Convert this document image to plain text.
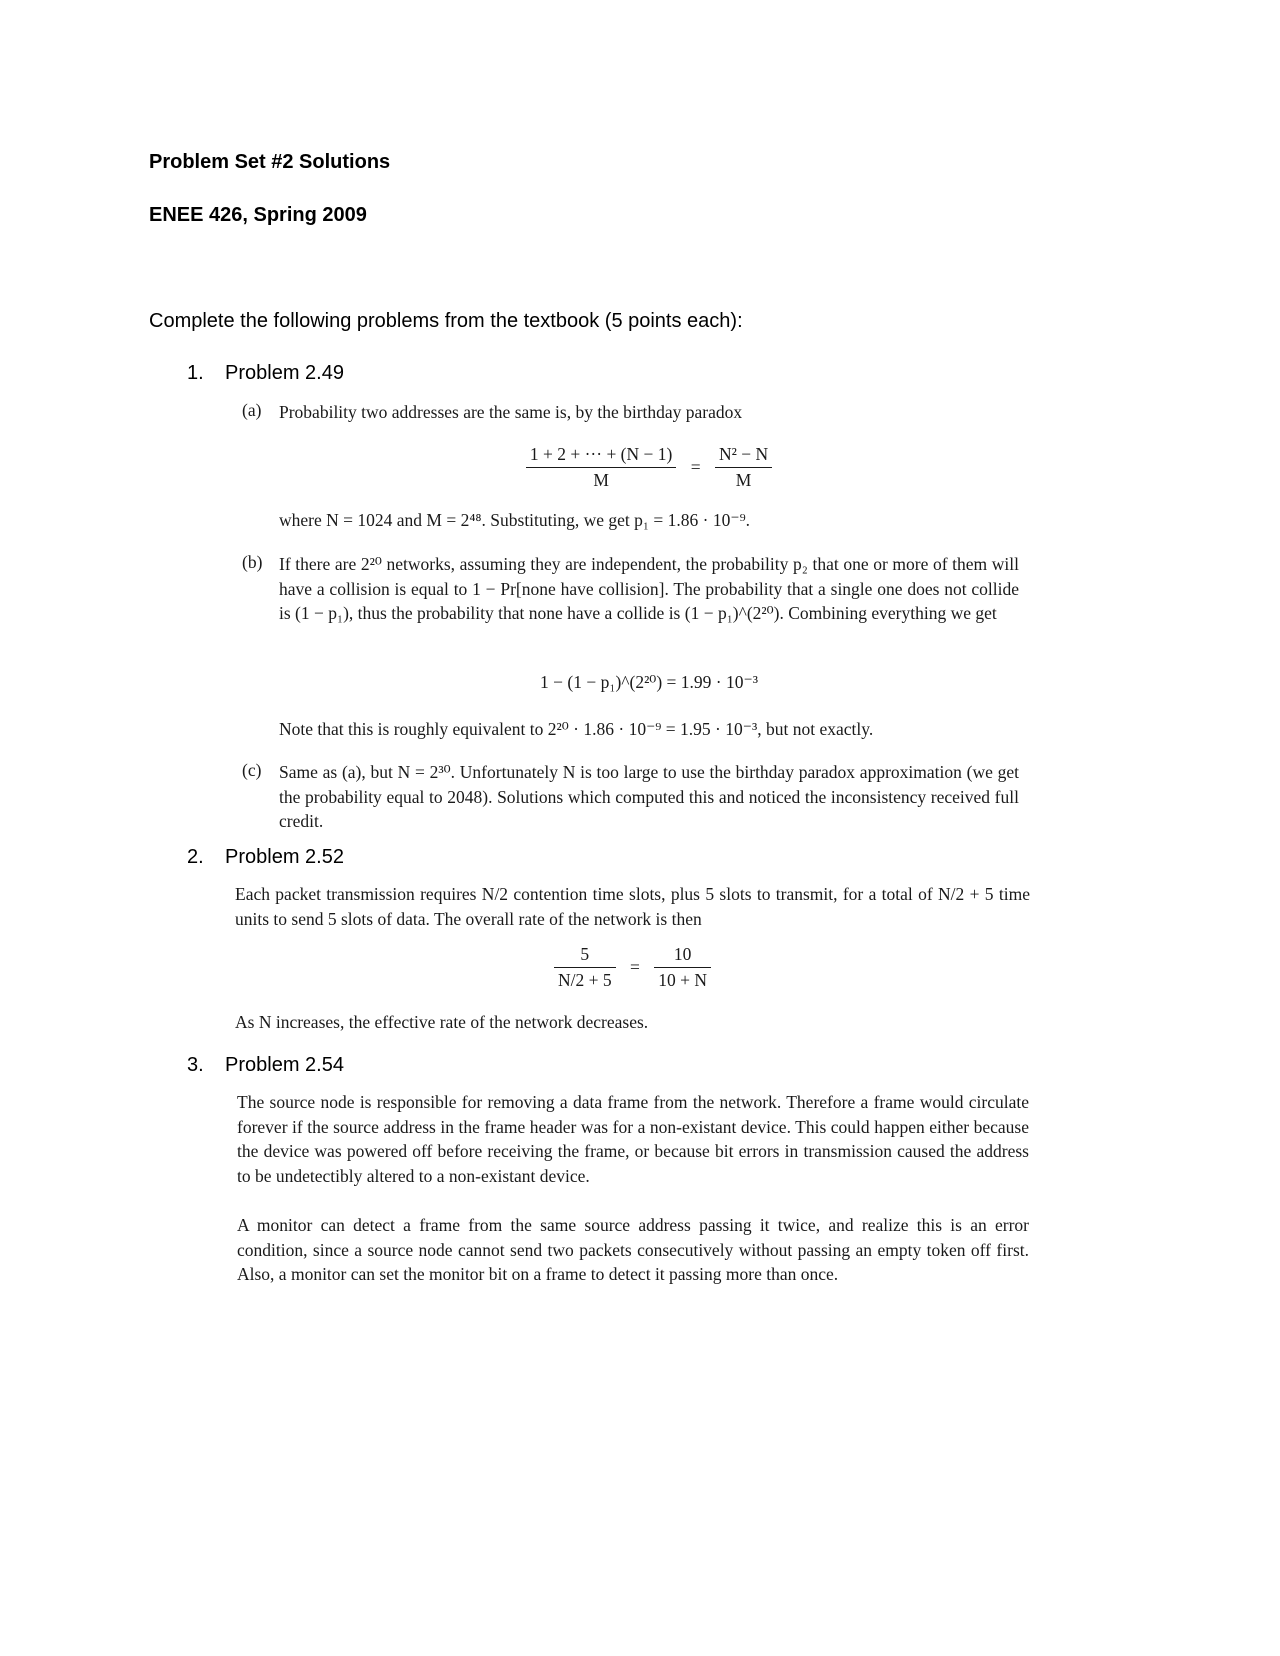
Problem Set #2 Solutions
ENEE 426, Spring 2009
Complete the following problems from the textbook (5 points each):
1. Problem 2.49
(a) Probability two addresses are the same is, by the birthday paradox
$\frac{1 + 2 + \cdot\cdot\cdot + (N - 1)}{M} = \frac{\text{N² − N}}{M}$
where N = 1024 and M = 2⁴⁸. Substituting, we get p₁ = 1.86 · 10⁻⁹.
(b) If there are 2²⁰ networks, assuming they are independent, the probability p₂ that one or more of them will have a collision is equal to 1 − Pr[none have collision]. The probability that a single one does not collide is (1 − p₁), thus the probability that none have a collide is (1 − p₁)^(2²⁰). Combining everything we get
1 − (1 − p₁)^(2²⁰) = 1.99 · 10⁻³
Note that this is roughly equivalent to 2²⁰ · 1.86 · 10⁻⁹ = 1.95 · 10⁻³, but not exactly.
(c) Same as (a), but N = 2³⁰. Unfortunately N is too large to use the birthday paradox approximation (we get the probability equal to 2048). Solutions which computed this and noticed the inconsistency received full credit.
2. Problem 2.52
Each packet transmission requires N/2 contention time slots, plus 5 slots to transmit, for a total of N/2 + 5 time units to send 5 slots of data. The overall rate of the network is then
$\frac{5}{N/2 + 5} = \frac{10}{10 + N}$
As N increases, the effective rate of the network decreases.
3. Problem 2.54
The source node is responsible for removing a data frame from the network. Therefore a frame would circulate forever if the source address in the frame header was for a non-existant device. This could happen either because the device was powered off before receiving the frame, or because bit errors in transmission caused the address to be undetectibly altered to a non-existant device.
A monitor can detect a frame from the same source address passing it twice, and realize this is an error condition, since a source node cannot send two packets consecutively without passing an empty token off first. Also, a monitor can set the monitor bit on a frame to detect it passing more than once.
